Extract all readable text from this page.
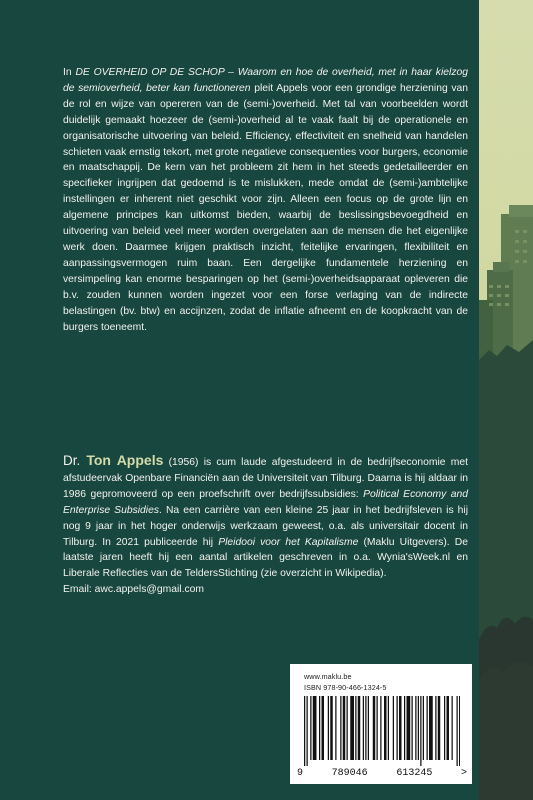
In DE OVERHEID OP DE SCHOP – Waarom en hoe de overheid, met in haar kielzog de semioverheid, beter kan functioneren pleit Appels voor een grondige herziening van de rol en wijze van opereren van de (semi-)overheid. Met tal van voorbeelden wordt duidelijk gemaakt hoezeer de (semi-)overheid al te vaak faalt bij de operationele en organisatorische uitvoering van beleid. Efficiency, effectiviteit en snelheid van handelen schieten vaak ernstig tekort, met grote negatieve consequenties voor burgers, economie en maatschappij. De kern van het probleem zit hem in het steeds gedetailleerder en specifieker ingrijpen dat gedoemd is te mislukken, mede omdat de (semi-)ambtelijke instellingen er inherent niet geschikt voor zijn. Alleen een focus op de grote lijn en algemene principes kan uitkomst bieden, waarbij de beslissingsbevoegdheid en uitvoering van beleid veel meer worden overgelaten aan de mensen die het eigenlijke werk doen. Daarmee krijgen praktisch inzicht, feitelijke ervaringen, flexibiliteit en aanpassingsvermogen ruim baan. Een dergelijke fundamentele herziening en versimpeling kan enorme besparingen op het (semi-)overheidsapparaat opleveren die b.v. zouden kunnen worden ingezet voor een forse verlaging van de indirecte belastingen (bv. btw) en accijnzen, zodat de inflatie afneemt en de koopkracht van de burgers toeneemt.

Dr. Ton Appels (1956) is cum laude afgestudeerd in de bedrijfseconomie met afstudeervak Openbare Financiën aan de Universiteit van Tilburg. Daarna is hij aldaar in 1986 gepromoveerd op een proefschrift over bedrijfssubsidies: Political Economy and Enterprise Subsidies. Na een carrière van een kleine 25 jaar in het bedrijfsleven is hij nog 9 jaar in het hoger onderwijs werkzaam geweest, o.a. als universitair docent in Tilburg. In 2021 publiceerde hij Pleidooi voor het Kapitalisme (Maklu Uitgevers). De laatste jaren heeft hij een aantal artikelen geschreven in o.a. Wynia'sWeek.nl en Liberale Reflecties van de TeldersStichting (zie overzicht in Wikipedia).
Email: awc.appels@gmail.com

www.maklu.be
ISBN 978-90-466-1324-5
9	789046	613245	>
